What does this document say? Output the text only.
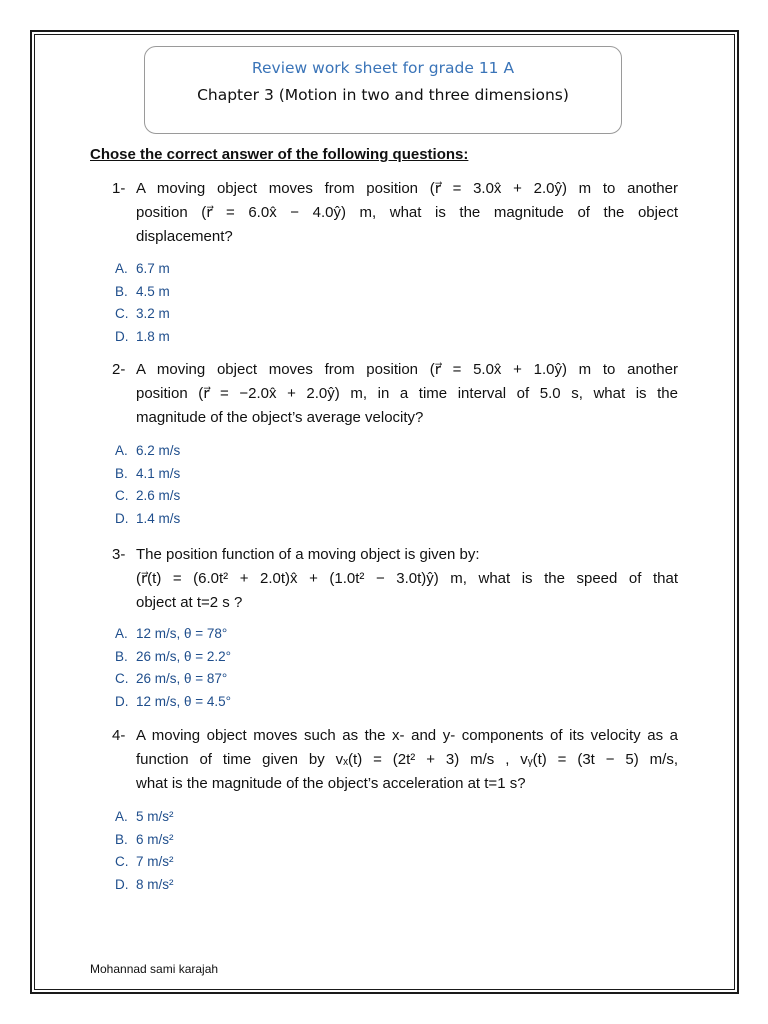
Review work sheet for grade 11 A
Chapter 3 (Motion in two and three dimensions)
Chose the correct answer of the following questions:
1- A moving object moves from position (r⃗ = 3.0x̂ + 2.0ŷ) m to another
position (r⃗ = 6.0x̂ − 4.0ŷ) m, what is the magnitude of the object
displacement?
A. 6.7 m
B. 4.5 m
C. 3.2 m
D. 1.8 m
2- A moving object moves from position (r⃗ = 5.0x̂ + 1.0ŷ) m to another
position (r⃗ = −2.0x̂ + 2.0ŷ) m, in a time interval of 5.0 s, what is the
magnitude of the object’s average velocity?
A. 6.2 m/s
B. 4.1 m/s
C. 2.6 m/s
D. 1.4 m/s
3- The position function of a moving object is given by:
(r⃗(t) = (6.0t² + 2.0t)x̂ + (1.0t² − 3.0t)ŷ) m, what is the speed of that
object at t=2 s ?
A. 12 m/s, θ = 78°
B. 26 m/s, θ = 2.2°
C. 26 m/s, θ = 87°
D. 12 m/s, θ = 4.5°
4- A moving object moves such as the x- and y- components of its velocity as a
function of time given by vₓ(t) = (2t² + 3) m/s , vᵧ(t) = (3t − 5) m/s,
what is the magnitude of the object’s acceleration at t=1 s?
A. 5 m/s²
B. 6 m/s²
C. 7 m/s²
D. 8 m/s²
Mohannad sami karajah
